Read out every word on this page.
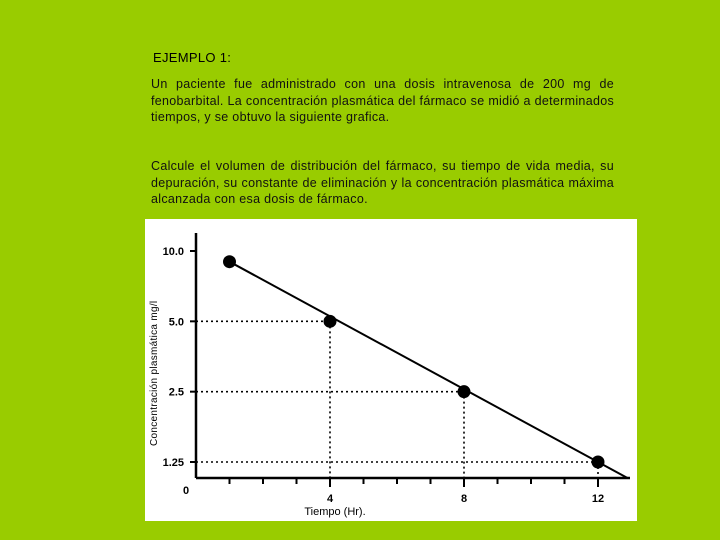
EJEMPLO 1:
Un paciente fue administrado con una dosis intravenosa de 200 mg de fenobarbital. La concentración plasmática del fármaco se midió a determinados tiempos, y se obtuvo la siguiente grafica.
Calcule el volumen de distribución del fármaco, su tiempo de vida media, su depuración, su constante de eliminación y la concentración plasmática máxima alcanzada con esa dosis de fármaco.
1.25
2.5
5.0
10.0
0
4	8	12
Tiempo (Hr).
Concentración plasmática mg/l
